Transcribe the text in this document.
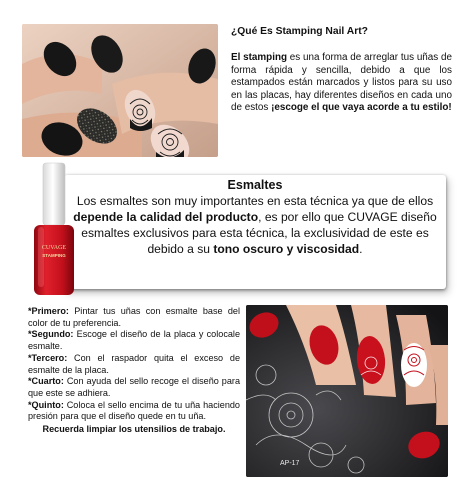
¿Qué Es Stamping Nail Art?

El stamping es una forma de arreglar tus uñas de forma rápida y sencilla, debido a que los estampados están marcados y listos para su uso en las placas, hay diferentes diseños en cada uno de estos ¡escoge el que vaya acorde a tu estilo!

Esmaltes

Los esmaltes son muy importantes en esta técnica ya que de ellos depende la calidad del producto, es por ello que CUVAGE diseño esmaltes exclusivos para esta técnica, la exclusividad de este es debido a su tono oscuro y viscosidad.

CUVAGE
STAMPING

*Primero: Pintar tus uñas con esmalte base del color de tu preferencia.

*Segundo: Escoge el diseño de la placa y colocale esmalte.

*Tercero: Con el raspador quita el exceso de esmalte de la placa.

*Cuarto: Con ayuda del sello recoge el diseño para que este se adhiera.

*Quinto: Coloca el sello encima de tu uña haciendo presión para que el diseño quede en tu uña.

Recuerda limpiar los utensilios de trabajo.

AP-17
